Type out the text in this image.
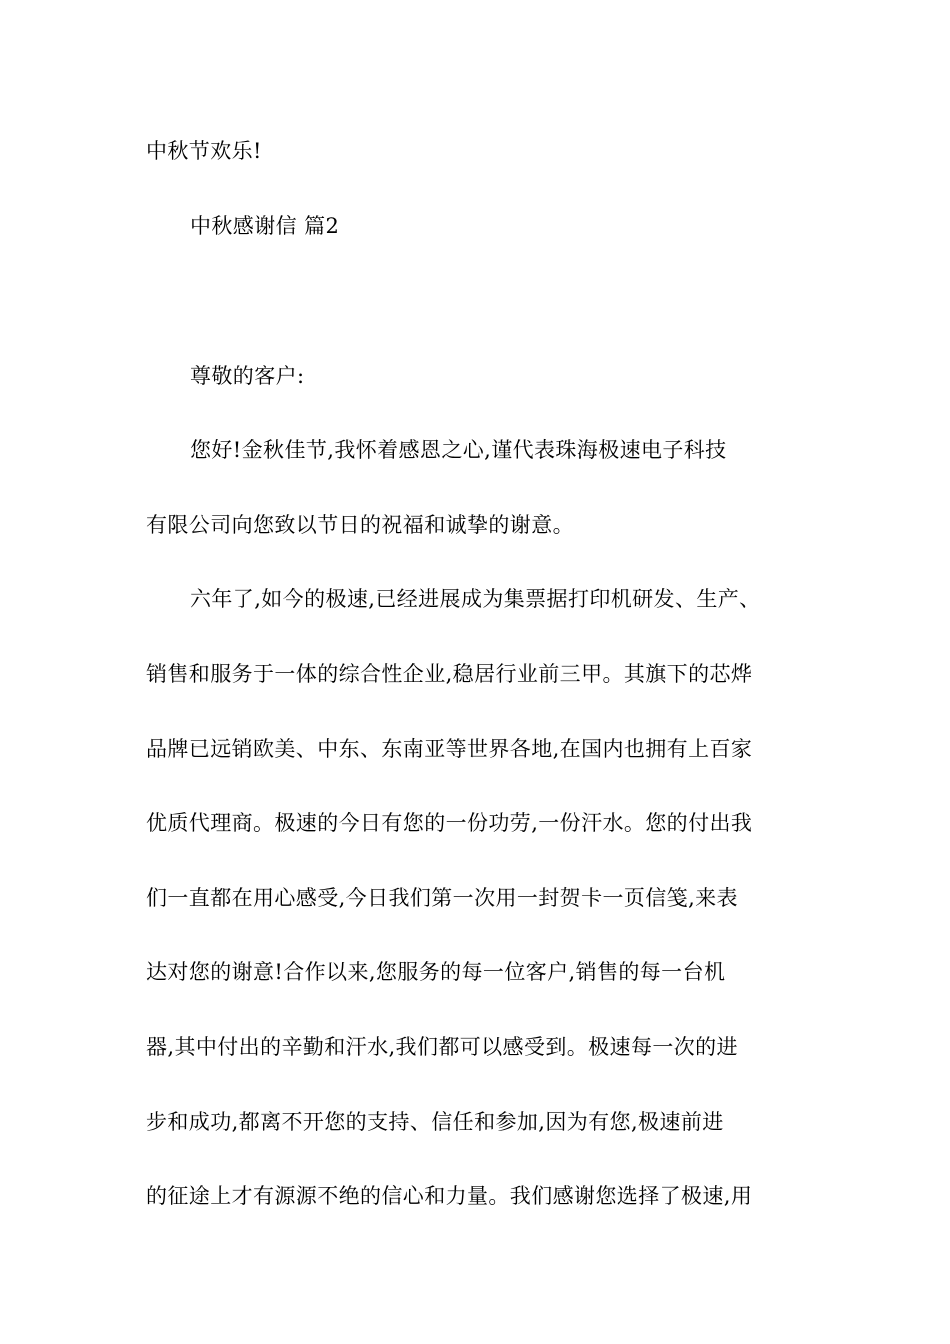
中秋节欢乐!
中秋感谢信 篇2
尊敬的客户:
您好!金秋佳节,我怀着感恩之心,谨代表珠海极速电子科技
有限公司向您致以节日的祝福和诚挚的谢意。
六年了,如今的极速,已经进展成为集票据打印机研发、生产、
销售和服务于一体的综合性企业,稳居行业前三甲。其旗下的芯烨
品牌已远销欧美、中东、东南亚等世界各地,在国内也拥有上百家
优质代理商。极速的今日有您的一份功劳,一份汗水。您的付出我
们一直都在用心感受,今日我们第一次用一封贺卡一页信笺,来表
达对您的谢意!合作以来,您服务的每一位客户,销售的每一台机
器,其中付出的辛勤和汗水,我们都可以感受到。极速每一次的进
步和成功,都离不开您的支持、信任和参加,因为有您,极速前进
的征途上才有源源不绝的信心和力量。我们感谢您选择了极速,用
